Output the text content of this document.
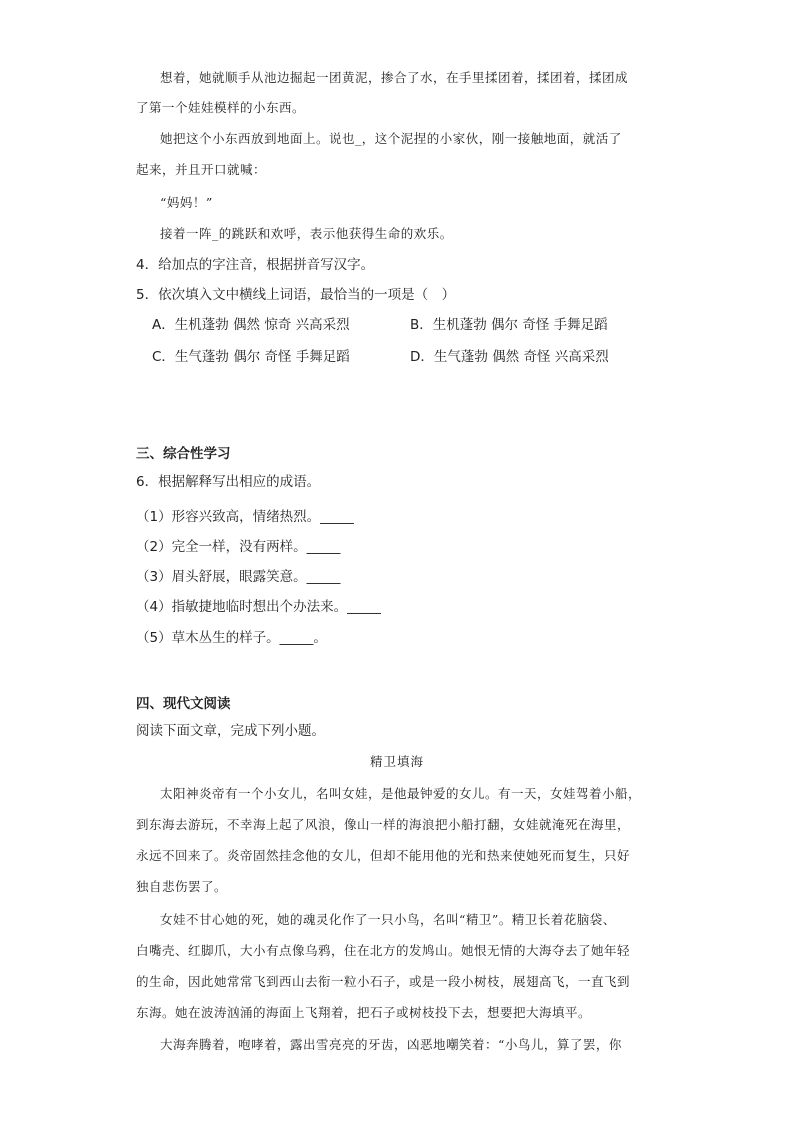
想着，她就顺手从池边掘起一团黄泥，掺合了水，在手里揉团着，揉团着，揉团成
了第一个娃娃模样的小东西。
她把这个小东西放到地面上。说也_，这个泥捏的小家伙，刚一接触地面，就活了
起来，并且开口就喊：
“妈妈！”
接着一阵_的跳跃和欢呼，表示他获得生命的欢乐。
4．给加点的字注音，根据拼音写汉字。
5．依次填入文中横线上词语，最恰当的一项是（　）
A．生机蓬勃 偶然 惊奇 兴高采烈	B．生机蓬勃 偶尔 奇怪 手舞足蹈
C．生气蓬勃 偶尔 奇怪 手舞足蹈	D．生气蓬勃 偶然 奇怪 兴高采烈
三、综合性学习
6．根据解释写出相应的成语。
（1）形容兴致高，情绪热烈。_____
（2）完全一样，没有两样。_____
（3）眉头舒展，眼露笑意。_____
（4）指敏捷地临时想出个办法来。_____
（5）草木丛生的样子。_____。
四、现代文阅读
阅读下面文章，完成下列小题。
精卫填海
太阳神炎帝有一个小女儿，名叫女娃，是他最钟爱的女儿。有一天，女娃驾着小船，
到东海去游玩，不幸海上起了风浪，像山一样的海浪把小船打翻，女娃就淹死在海里，
永远不回来了。炎帝固然挂念他的女儿，但却不能用他的光和热来使她死而复生，只好
独自悲伤罢了。
女娃不甘心她的死，她的魂灵化作了一只小鸟，名叫“精卫”。精卫长着花脑袋、
白嘴壳、红脚爪，大小有点像乌鸦，住在北方的发鸠山。她恨无情的大海夺去了她年轻
的生命，因此她常常飞到西山去衔一粒小石子，或是一段小树枝，展翅高飞，一直飞到
东海。她在波涛汹涌的海面上飞翔着，把石子或树枝投下去，想要把大海填平。
大海奔腾着，咆哮着，露出雪亮亮的牙齿，凶恶地嘲笑着：“小鸟儿，算了罢，你
